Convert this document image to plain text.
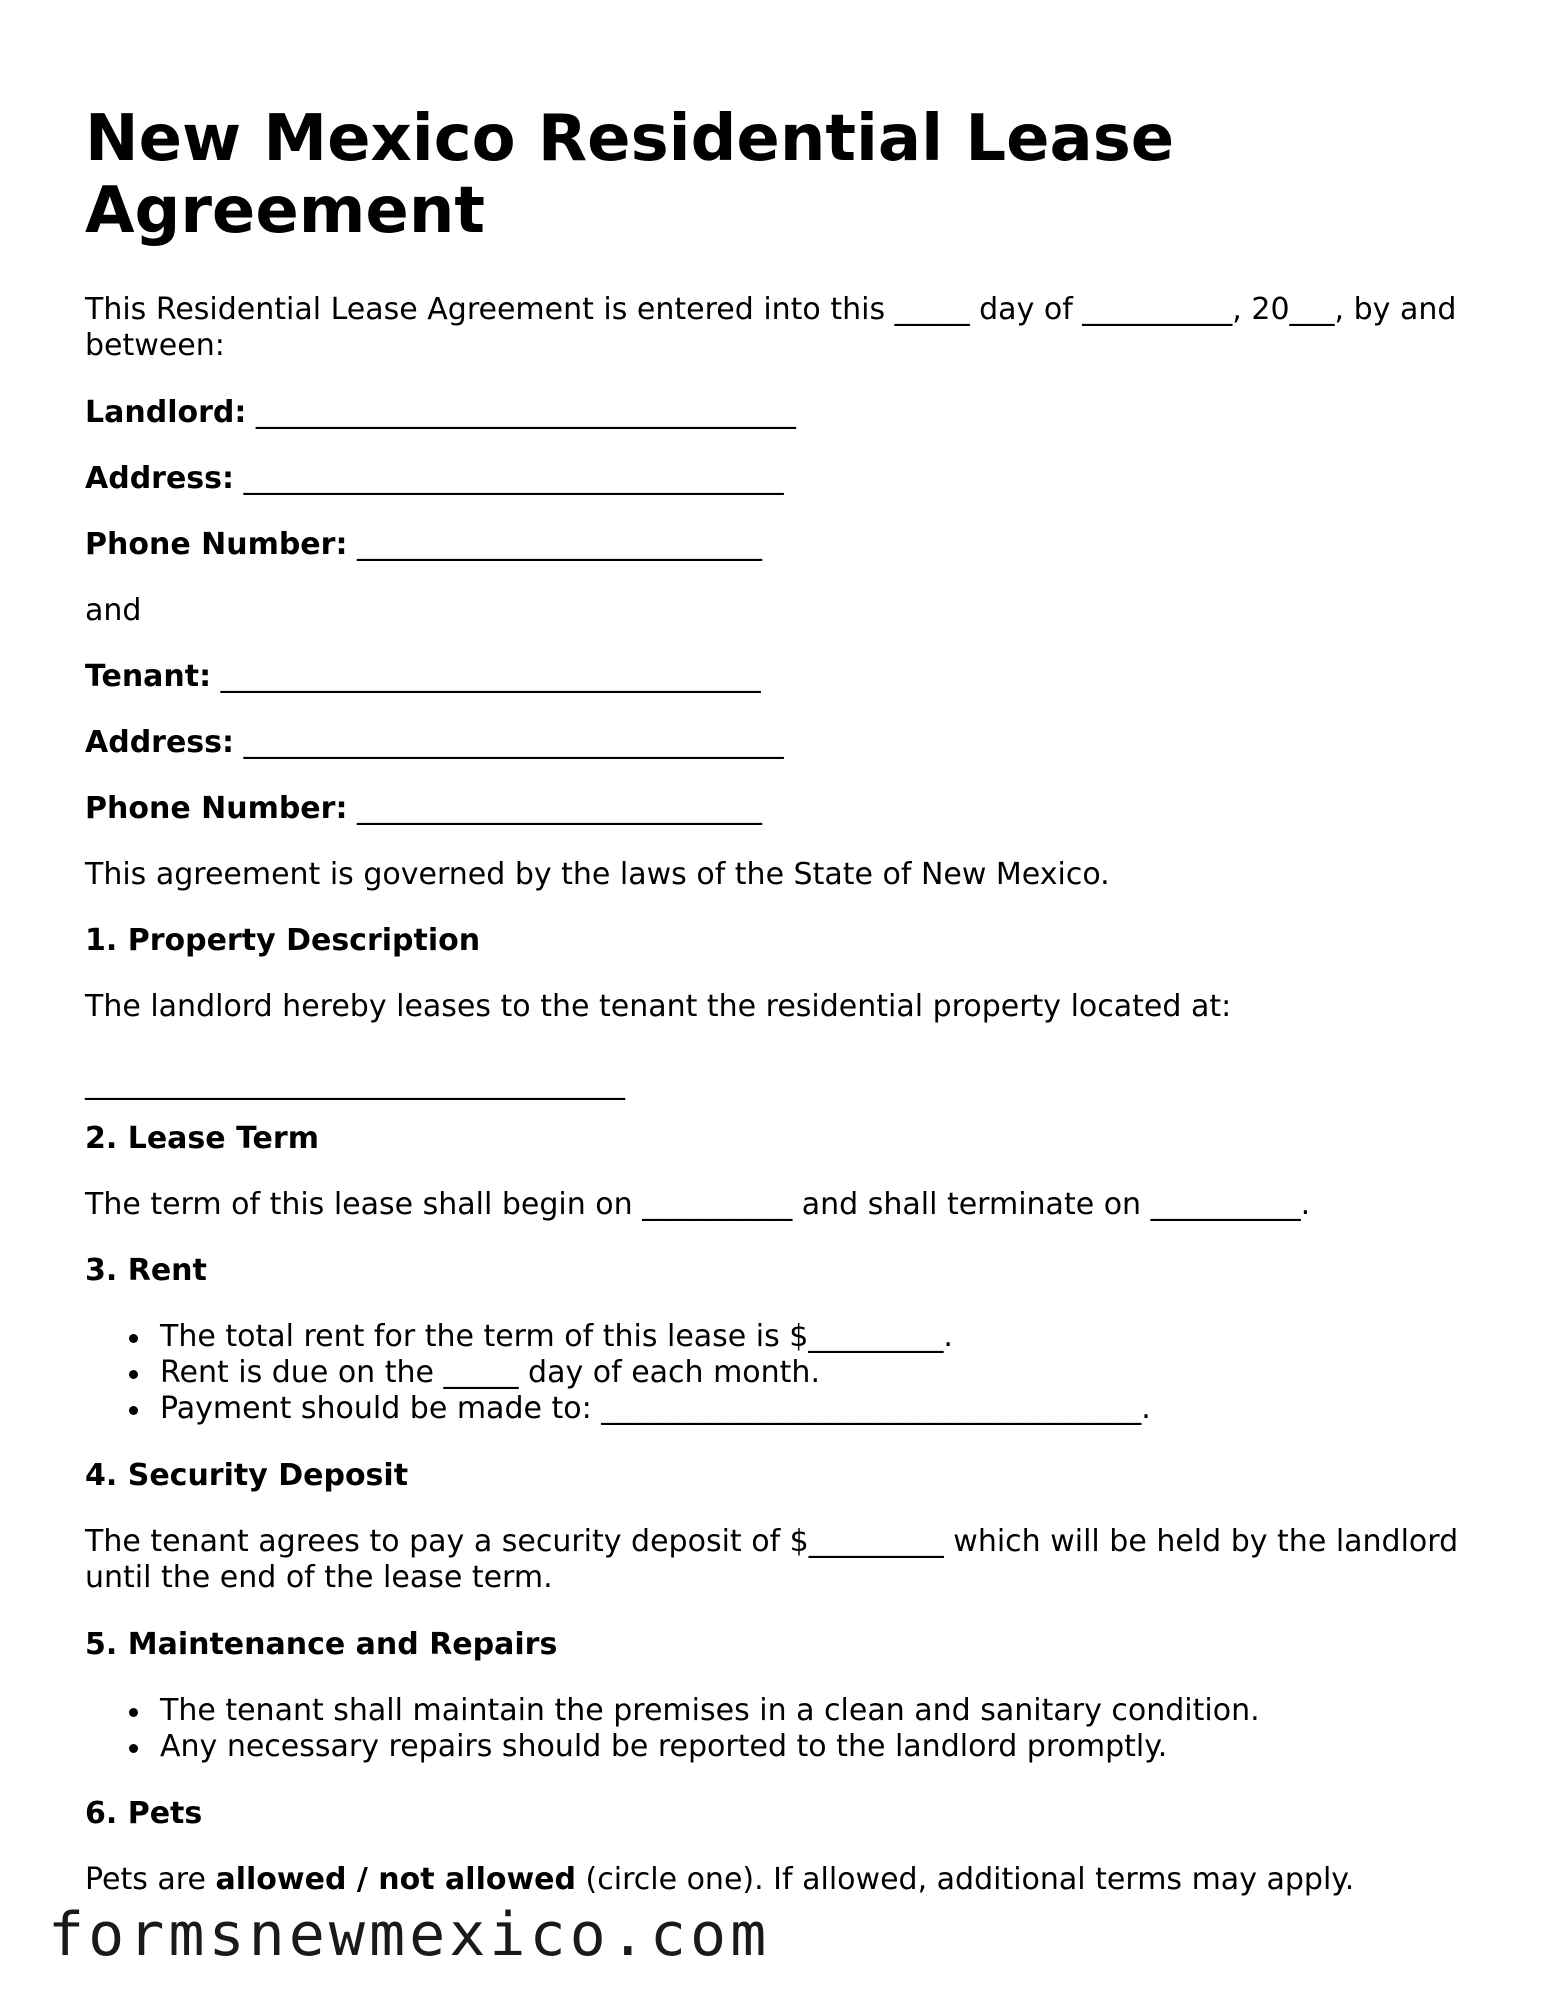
New Mexico Residential Lease Agreement

This Residential Lease Agreement is entered into this _____ day of __________, 20___, by and between:

Landlord: ____________________________________

Address: ____________________________________

Phone Number: ___________________________

and

Tenant: ____________________________________

Address: ____________________________________

Phone Number: ___________________________

This agreement is governed by the laws of the State of New Mexico.

1. Property Description

The landlord hereby leases to the tenant the residential property located at:

____________________________________

2. Lease Term

The term of this lease shall begin on __________ and shall terminate on __________.

3. Rent

The total rent for the term of this lease is $_________.
Rent is due on the _____ day of each month.
Payment should be made to: ____________________________________.

4. Security Deposit

The tenant agrees to pay a security deposit of $_________ which will be held by the landlord until the end of the lease term.

5. Maintenance and Repairs

The tenant shall maintain the premises in a clean and sanitary condition.
Any necessary repairs should be reported to the landlord promptly.

6. Pets

Pets are allowed / not allowed (circle one). If allowed, additional terms may apply.

formsnewmexico.com
